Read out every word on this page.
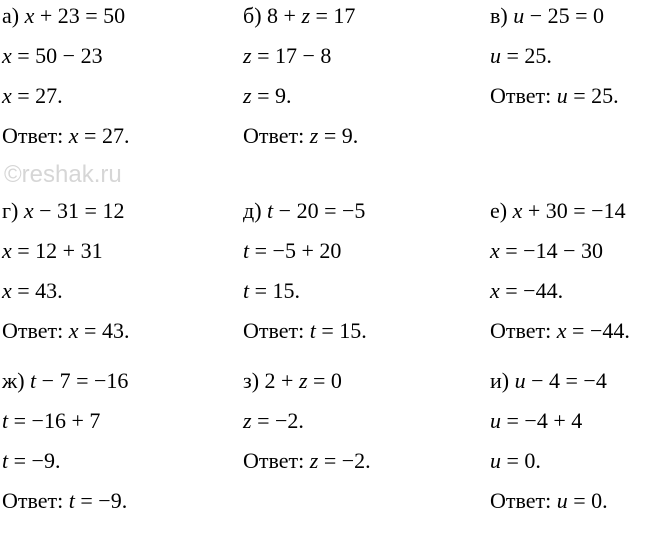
а) x + 23 = 50
x = 50 − 23
x = 27.
Ответ: x = 27.
б) 8 + z = 17
z = 17 − 8
z = 9.
Ответ: z = 9.
в) u − 25 = 0
u = 25.
Ответ: u = 25.
г) x − 31 = 12
x = 12 + 31
x = 43.
Ответ: x = 43.
д) t − 20 = −5
t = −5 + 20
t = 15.
Ответ: t = 15.
е) x + 30 = −14
x = −14 − 30
x = −44.
Ответ: x = −44.
ж) t − 7 = −16
t = −16 + 7
t = −9.
Ответ: t = −9.
з) 2 + z = 0
z = −2.
Ответ: z = −2.
и) u − 4 = −4
u = −4 + 4
u = 0.
Ответ: u = 0.
©reshak.ru
